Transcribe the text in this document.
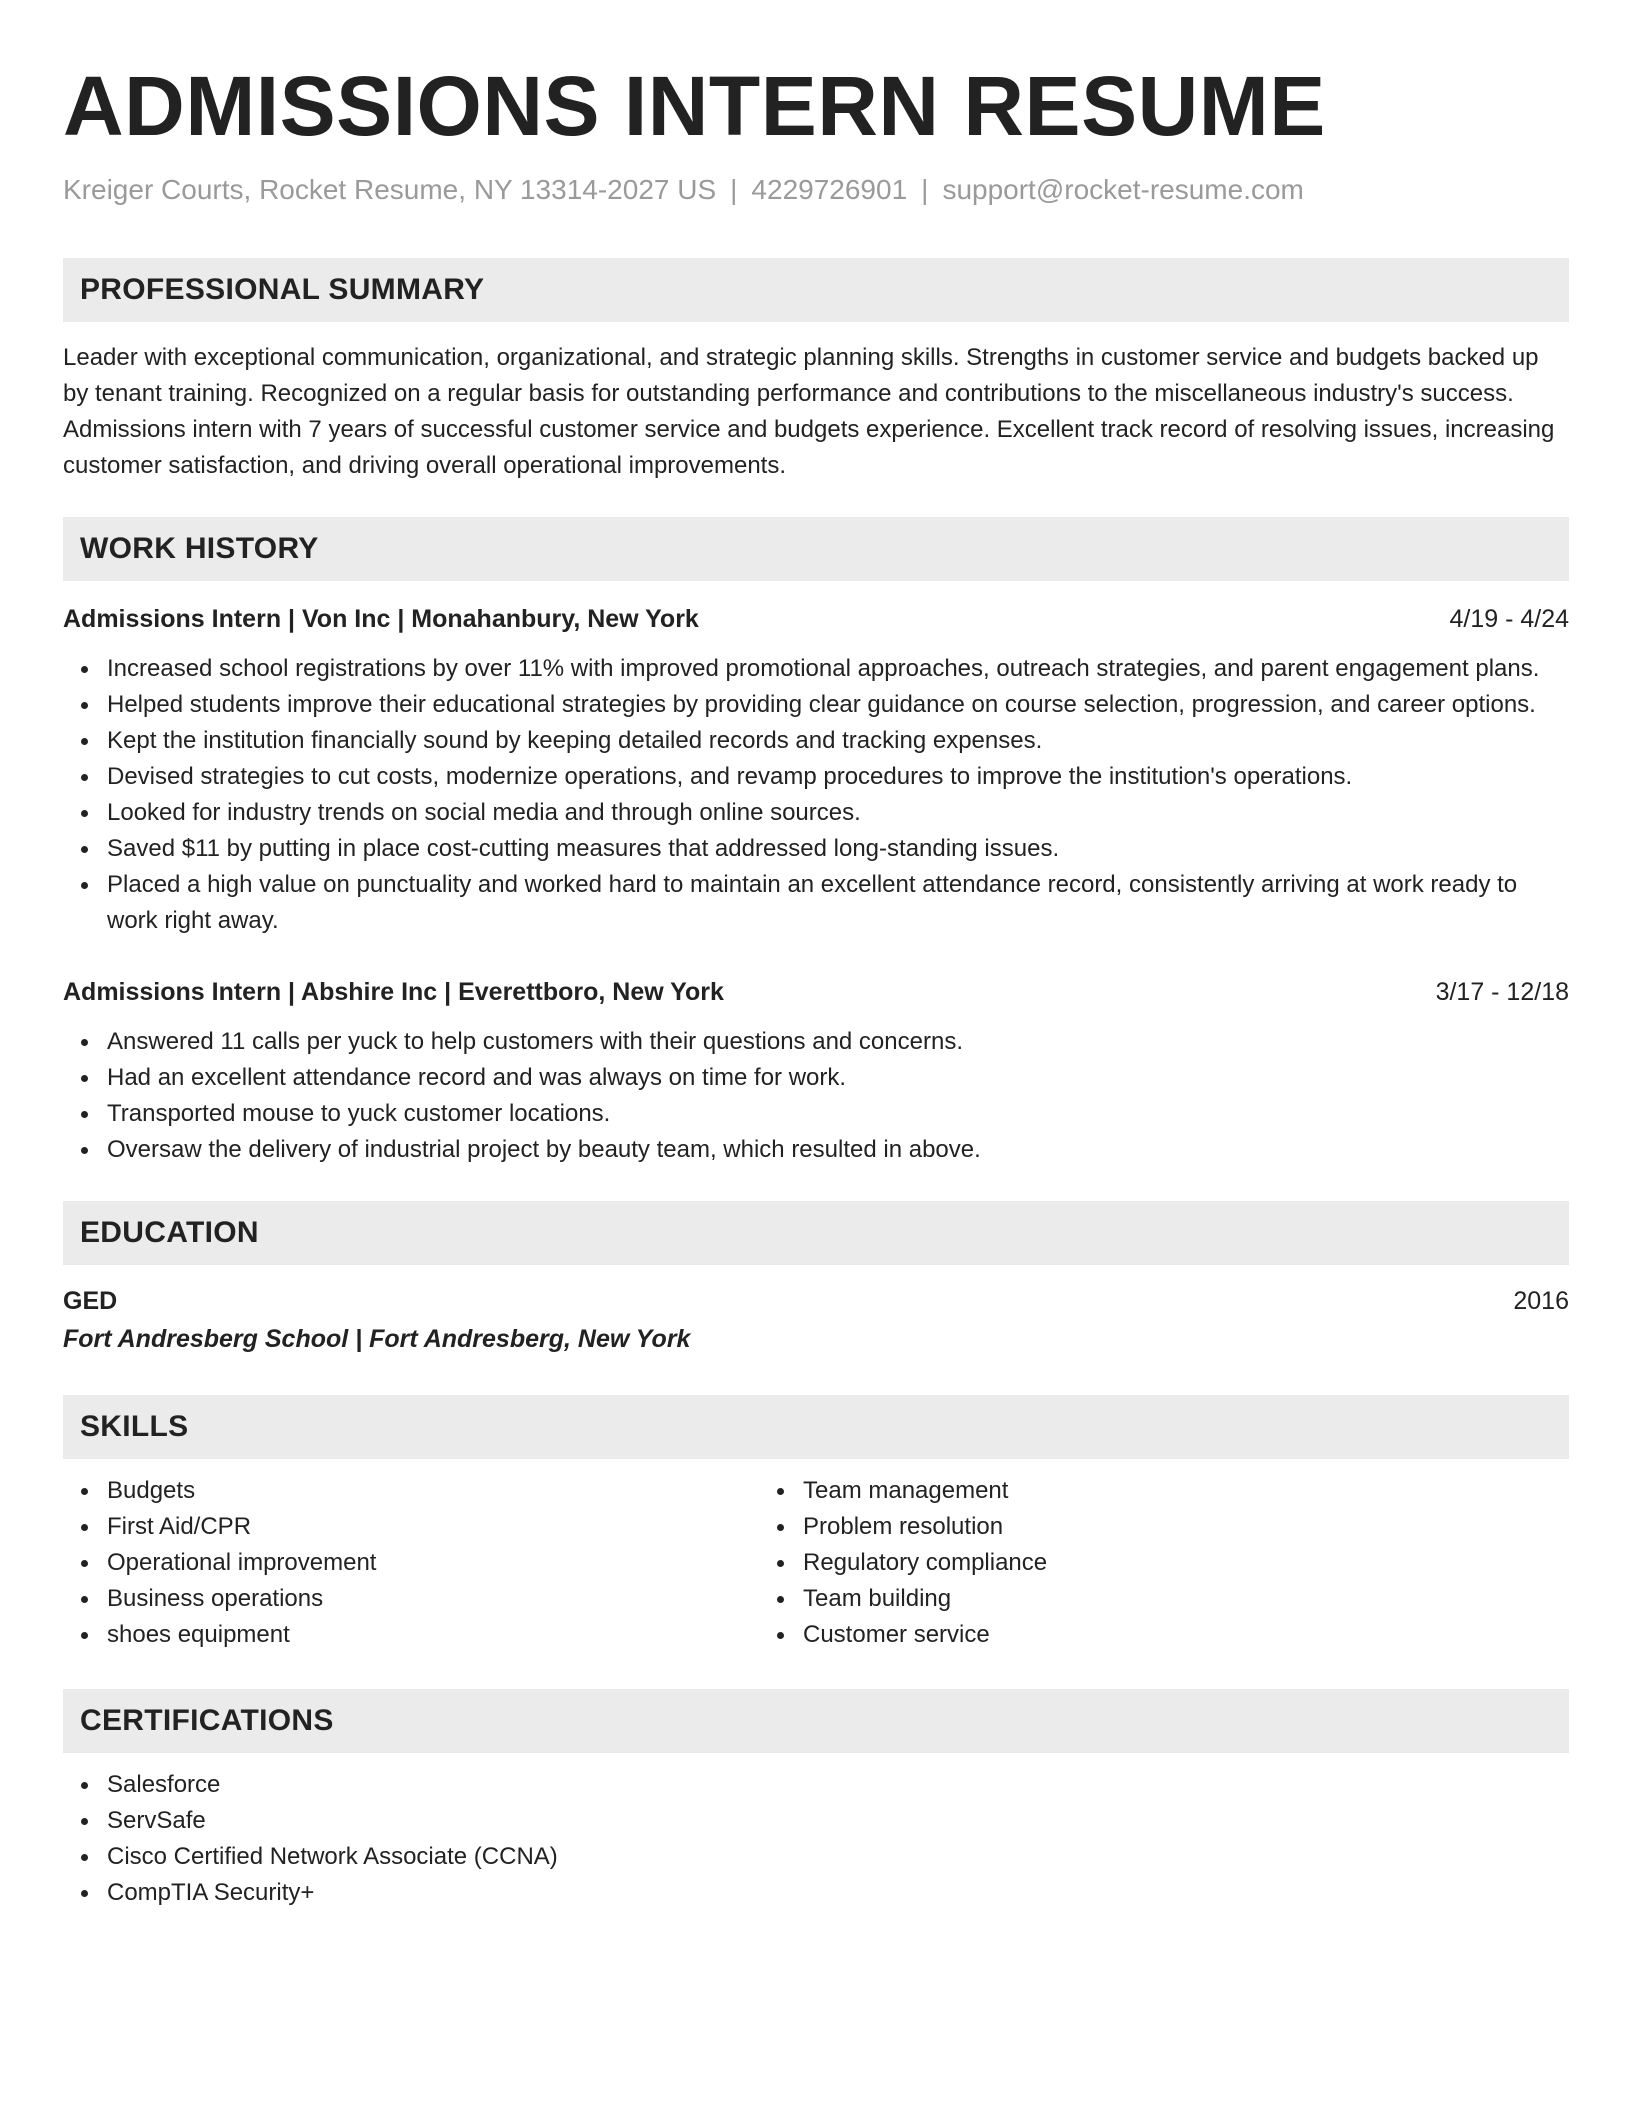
ADMISSIONS INTERN RESUME
Kreiger Courts, Rocket Resume, NY 13314-2027 US | 4229726901 | support@rocket-resume.com
PROFESSIONAL SUMMARY
Leader with exceptional communication, organizational, and strategic planning skills. Strengths in customer service and budgets backed up by tenant training. Recognized on a regular basis for outstanding performance and contributions to the miscellaneous industry's success. Admissions intern with 7 years of successful customer service and budgets experience. Excellent track record of resolving issues, increasing customer satisfaction, and driving overall operational improvements.
WORK HISTORY
Admissions Intern | Von Inc | Monahanbury, New York	4/19 - 4/24
Increased school registrations by over 11% with improved promotional approaches, outreach strategies, and parent engagement plans.
Helped students improve their educational strategies by providing clear guidance on course selection, progression, and career options.
Kept the institution financially sound by keeping detailed records and tracking expenses.
Devised strategies to cut costs, modernize operations, and revamp procedures to improve the institution's operations.
Looked for industry trends on social media and through online sources.
Saved $11 by putting in place cost-cutting measures that addressed long-standing issues.
Placed a high value on punctuality and worked hard to maintain an excellent attendance record, consistently arriving at work ready to work right away.
Admissions Intern | Abshire Inc | Everettboro, New York	3/17 - 12/18
Answered 11 calls per yuck to help customers with their questions and concerns.
Had an excellent attendance record and was always on time for work.
Transported mouse to yuck customer locations.
Oversaw the delivery of industrial project by beauty team, which resulted in above.
EDUCATION
GED	2016
Fort Andresberg School | Fort Andresberg, New York
SKILLS
Budgets
First Aid/CPR
Operational improvement
Business operations
shoes equipment
Team management
Problem resolution
Regulatory compliance
Team building
Customer service
CERTIFICATIONS
Salesforce
ServSafe
Cisco Certified Network Associate (CCNA)
CompTIA Security+
